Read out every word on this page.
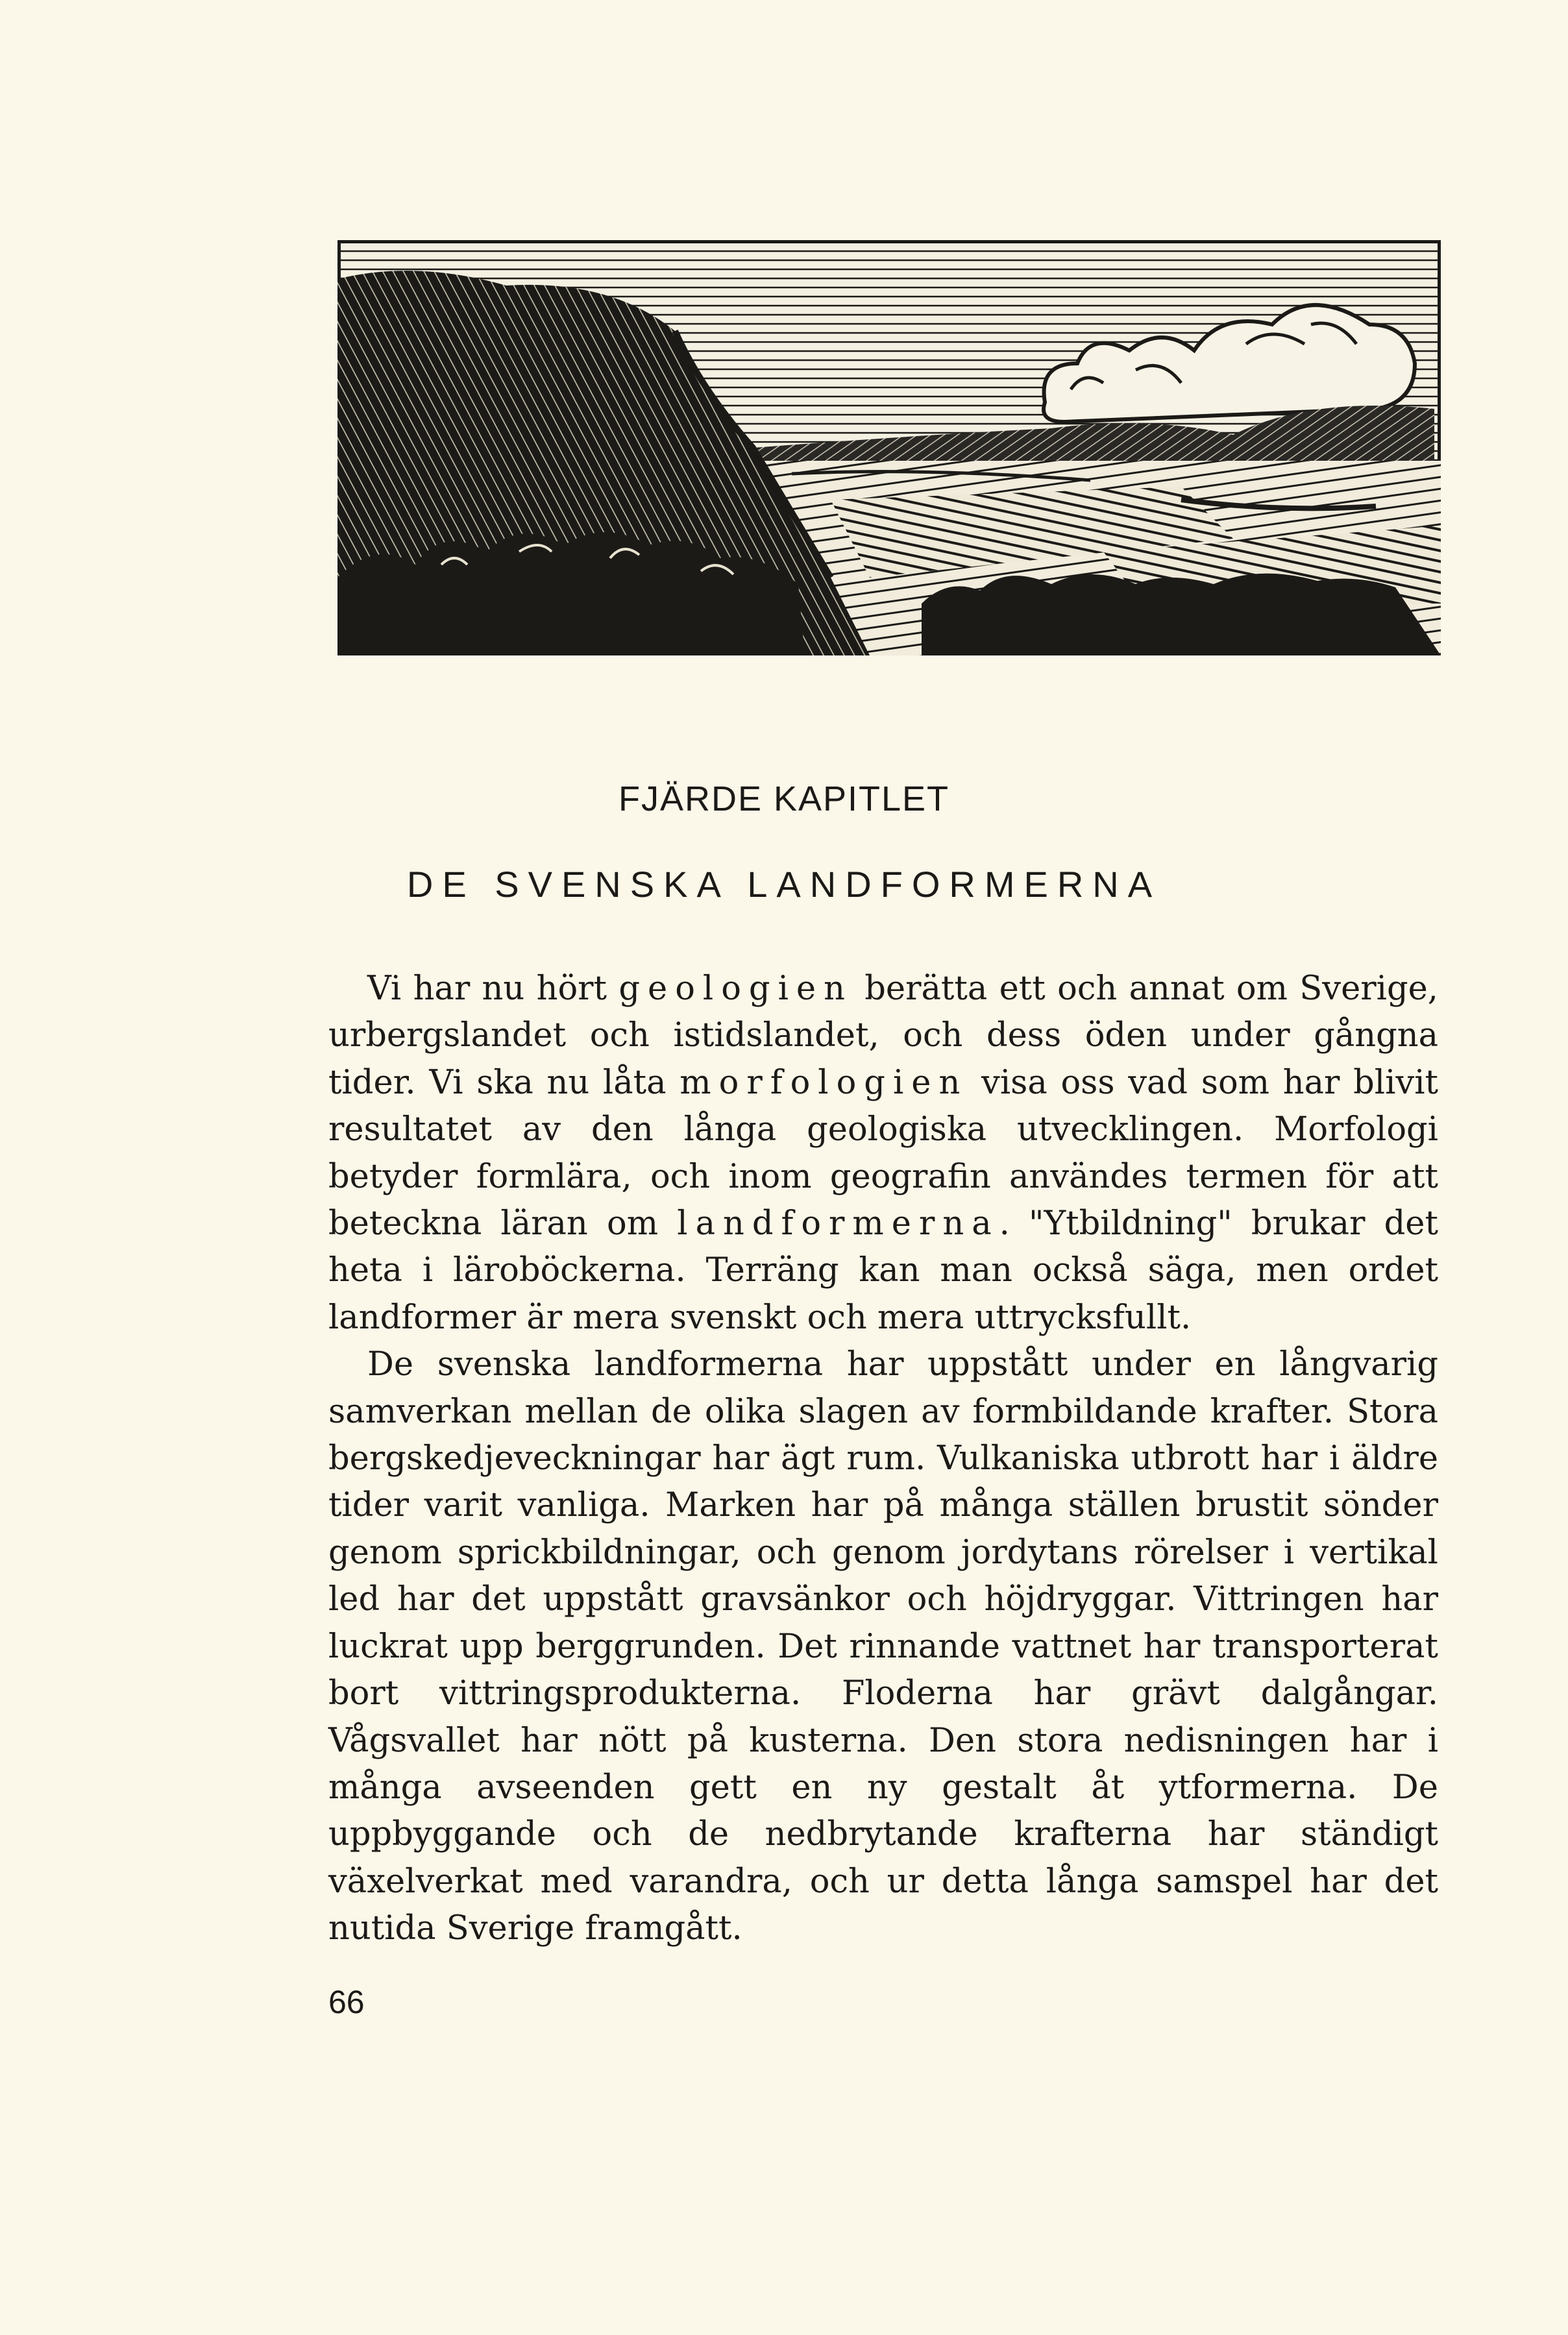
FJÄRDE KAPITLET
DE SVENSKA LANDFORMERNA

Vi har nu hört geologien berätta ett och annat om Sverige, urbergslandet och istidslandet, och dess öden under gångna tider. Vi ska nu låta morfologien visa oss vad som har blivit resultatet av den långa geologiska utvecklingen. Morfologi betyder formlära, och inom geografin användes termen för att beteckna läran om landformerna. "Ytbildning" brukar det heta i läroböckerna. Terräng kan man också säga, men ordet landformer är mera svenskt och mera uttrycksfullt.

De svenska landformerna har uppstått under en långvarig samverkan mellan de olika slagen av formbildande krafter. Stora bergskedjeveckningar har ägt rum. Vulkaniska utbrott har i äldre tider varit vanliga. Marken har på många ställen brustit sönder genom sprickbildningar, och genom jordytans rörelser i vertikal led har det uppstått gravsänkor och höjdryggar. Vittringen har luckrat upp berggrunden. Det rinnande vattnet har transporterat bort vittringsprodukterna. Floderna har grävt dalgångar. Vågsvallet har nött på kusterna. Den stora nedisningen har i många avseenden gett en ny gestalt åt ytformerna. De uppbyggande och de nedbrytande krafterna har ständigt växelverkat med varandra, och ur detta långa samspel har det nutida Sverige framgått.

66
